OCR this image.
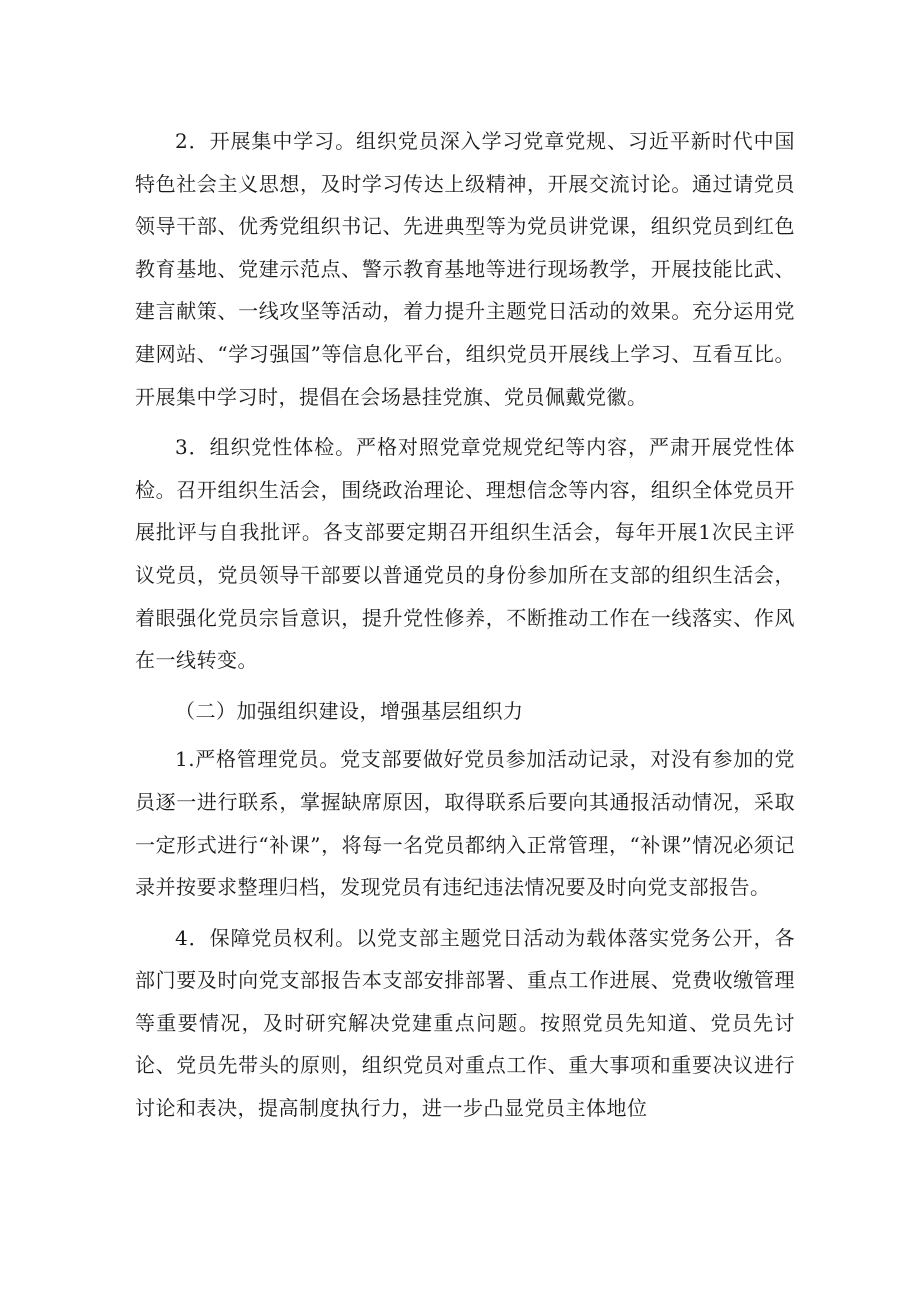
2．开展集中学习。组织党员深入学习党章党规、习近平新时代中国特色社会主义思想，及时学习传达上级精神，开展交流讨论。通过请党员领导干部、优秀党组织书记、先进典型等为党员讲党课，组织党员到红色教育基地、党建示范点、警示教育基地等进行现场教学，开展技能比武、建言献策、一线攻坚等活动，着力提升主题党日活动的效果。充分运用党建网站、“学习强国”等信息化平台，组织党员开展线上学习、互看互比。开展集中学习时，提倡在会场悬挂党旗、党员佩戴党徽。

3．组织党性体检。严格对照党章党规党纪等内容，严肃开展党性体检。召开组织生活会，围绕政治理论、理想信念等内容，组织全体党员开展批评与自我批评。各支部要定期召开组织生活会，每年开展1次民主评议党员，党员领导干部要以普通党员的身份参加所在支部的组织生活会，着眼强化党员宗旨意识，提升党性修养，不断推动工作在一线落实、作风在一线转变。

（二）加强组织建设，增强基层组织力

1.严格管理党员。党支部要做好党员参加活动记录，对没有参加的党员逐一进行联系，掌握缺席原因，取得联系后要向其通报活动情况，采取一定形式进行“补课”，将每一名党员都纳入正常管理，“补课”情况必须记录并按要求整理归档，发现党员有违纪违法情况要及时向党支部报告。

4．保障党员权利。以党支部主题党日活动为载体落实党务公开，各部门要及时向党支部报告本支部安排部署、重点工作进展、党费收缴管理等重要情况，及时研究解决党建重点问题。按照党员先知道、党员先讨论、党员先带头的原则，组织党员对重点工作、重大事项和重要决议进行讨论和表决，提高制度执行力，进一步凸显党员主体地位
